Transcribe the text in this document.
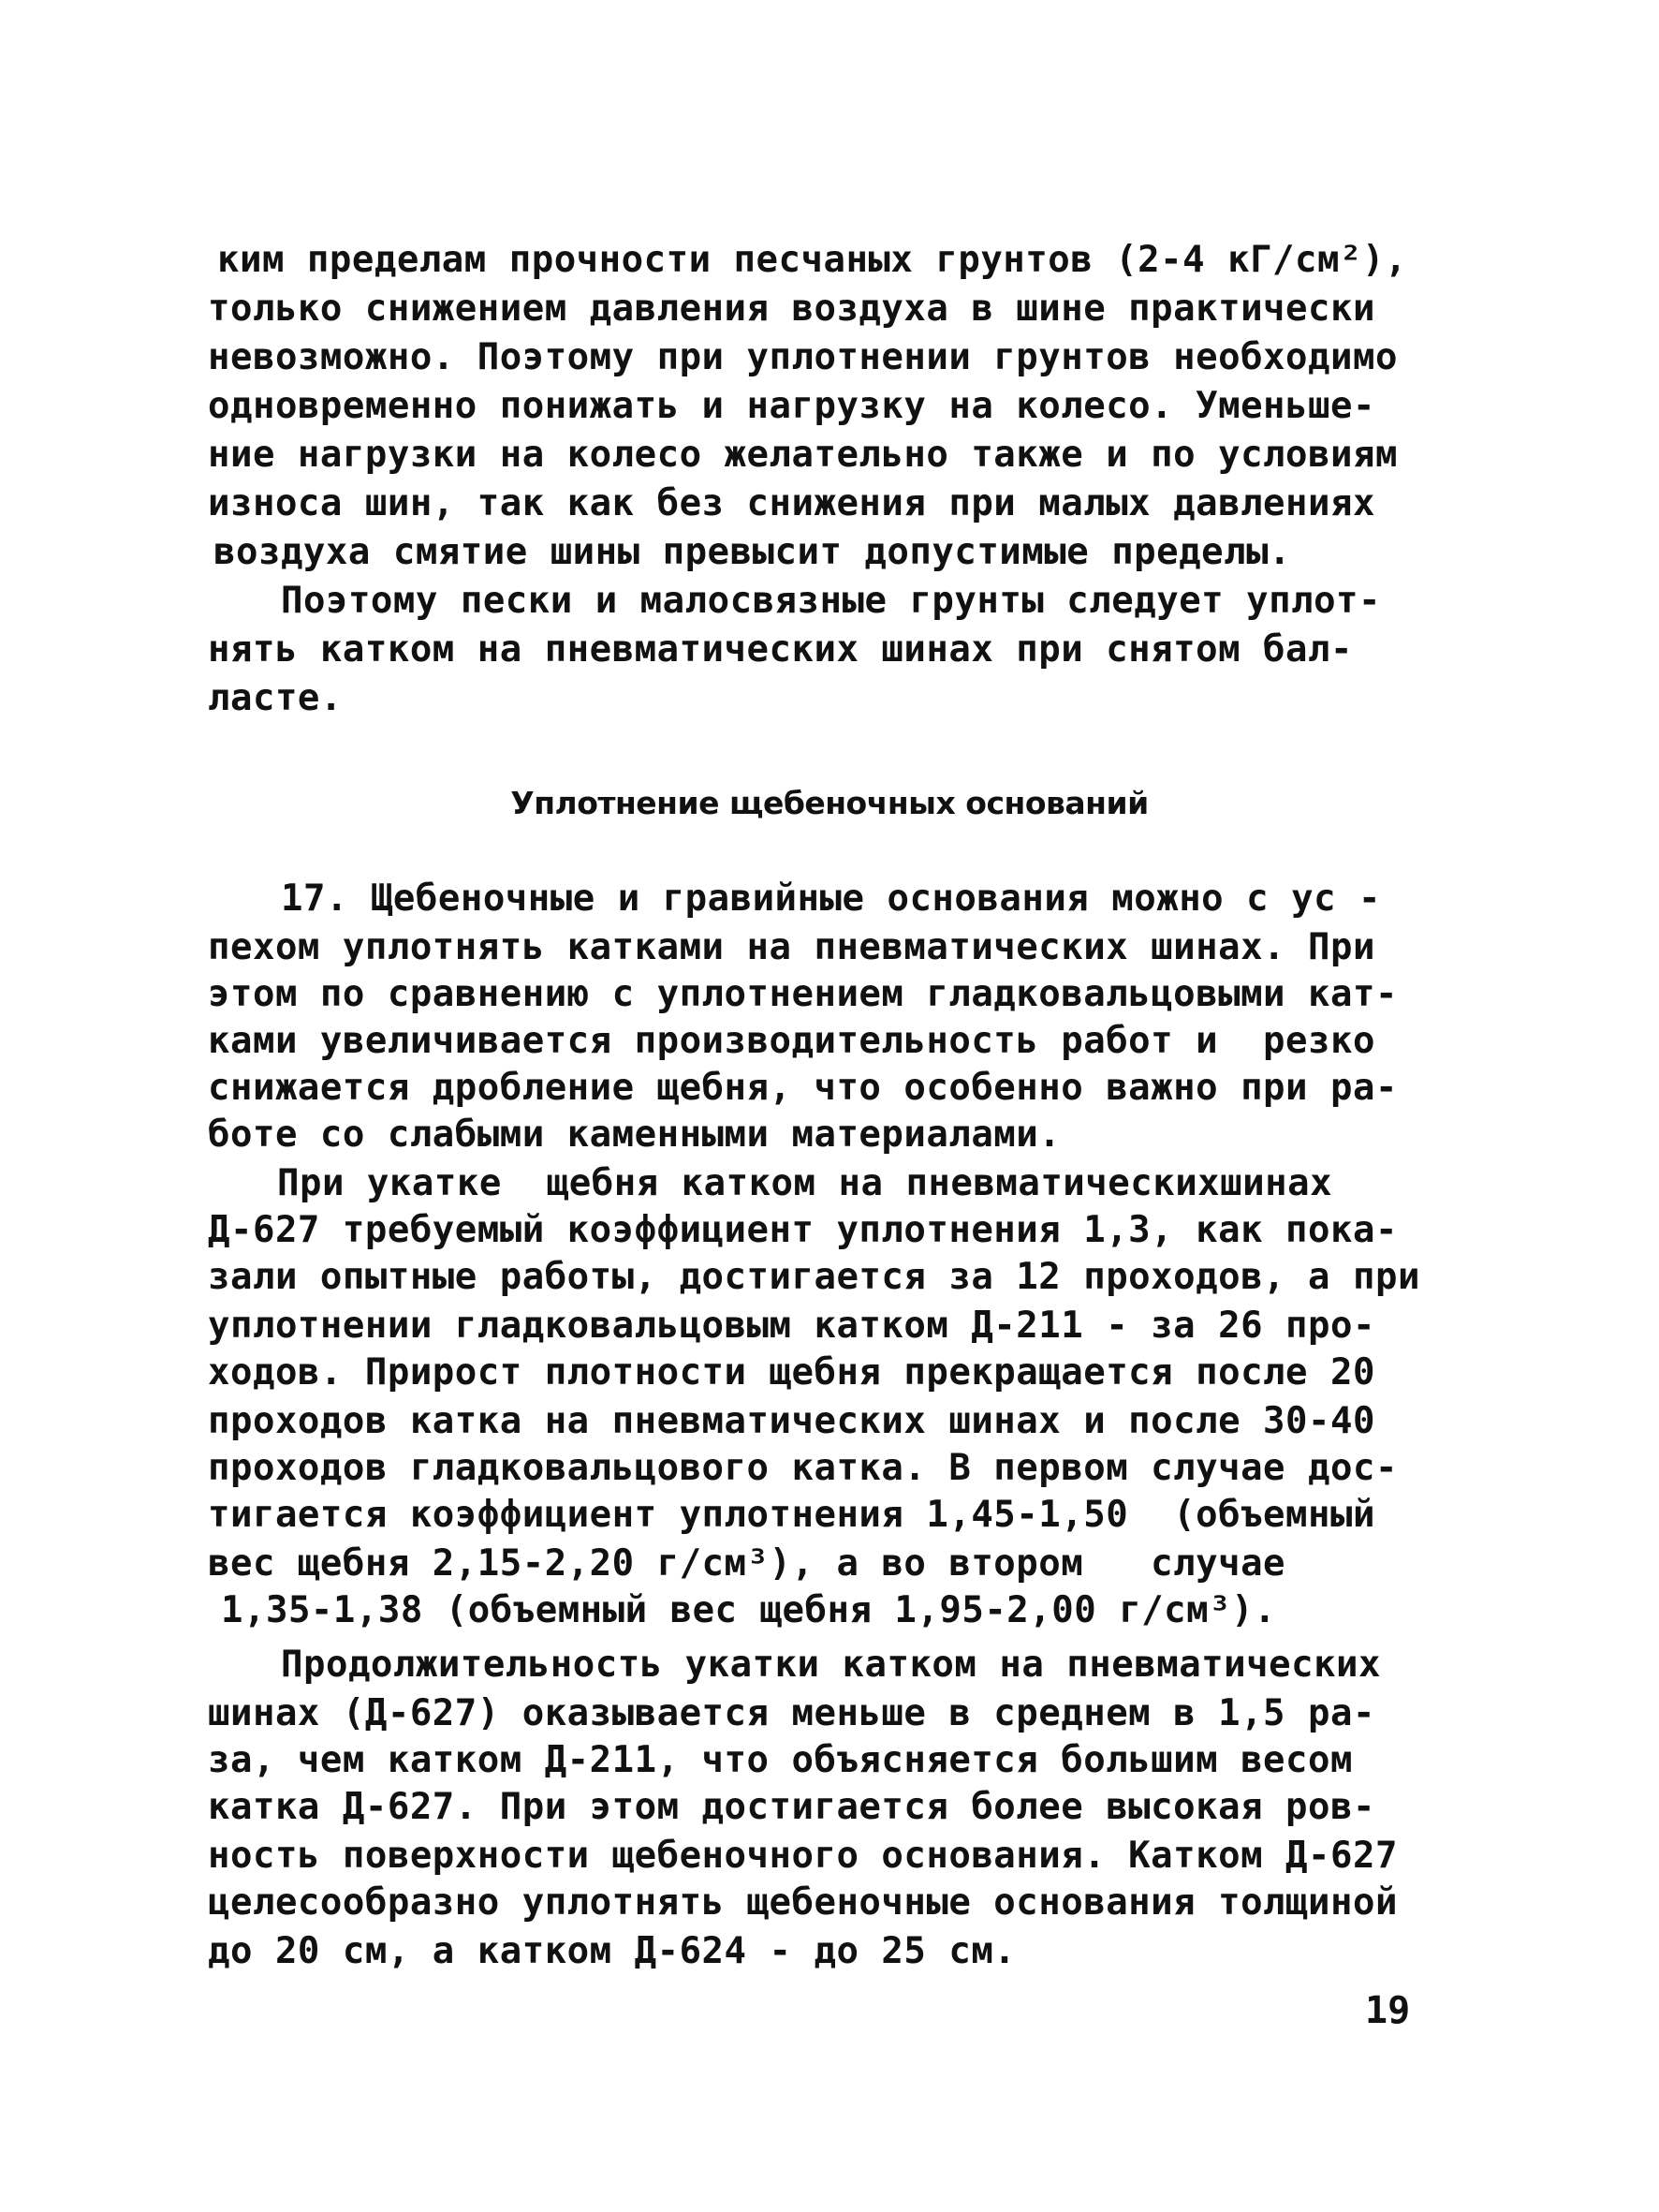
ким пределам прочности песчаных грунтов (2-4 кГ/см²),
только снижением давления воздуха в шине практически
невозможно. Поэтому при уплотнении грунтов необходимо
одновременно понижать и нагрузку на колесо. Уменьше-
ние нагрузки на колесо желательно также и по условиям
износа шин, так как без снижения при малых давлениях
воздуха смятие шины превысит допустимые пределы.
Поэтому пески и малосвязные грунты следует уплот-
нять катком на пневматических шинах при снятом бал-
ласте.
Уплотнение щебеночных оснований
17. Щебеночные и гравийные основания можно с ус -
пехом уплотнять катками на пневматических шинах. При
этом по сравнению с уплотнением гладковальцовыми кат-
ками увеличивается производительность работ и  резко
снижается дробление щебня, что особенно важно при ра-
боте со слабыми каменными материалами.
При укатке  щебня катком на пневматическихшинах
Д-627 требуемый коэффициент уплотнения 1,3, как пока-
зали опытные работы, достигается за 12 проходов, а при
уплотнении гладковальцовым катком Д-211 - за 26 про-
ходов. Прирост плотности щебня прекращается после 20
проходов катка на пневматических шинах и после 30-40
проходов гладковальцового катка. В первом случае дос-
тигается коэффициент уплотнения 1,45-1,50  (объемный
вес щебня 2,15-2,20 г/см³), а во втором   случае
1,35-1,38 (объемный вес щебня 1,95-2,00 г/см³).
Продолжительность укатки катком на пневматических
шинах (Д-627) оказывается меньше в среднем в 1,5 ра-
за, чем катком Д-211, что объясняется большим весом
катка Д-627. При этом достигается более высокая ров-
ность поверхности щебеночного основания. Катком Д-627
целесообразно уплотнять щебеночные основания толщиной
до 20 см, а катком Д-624 - до 25 см.
19
